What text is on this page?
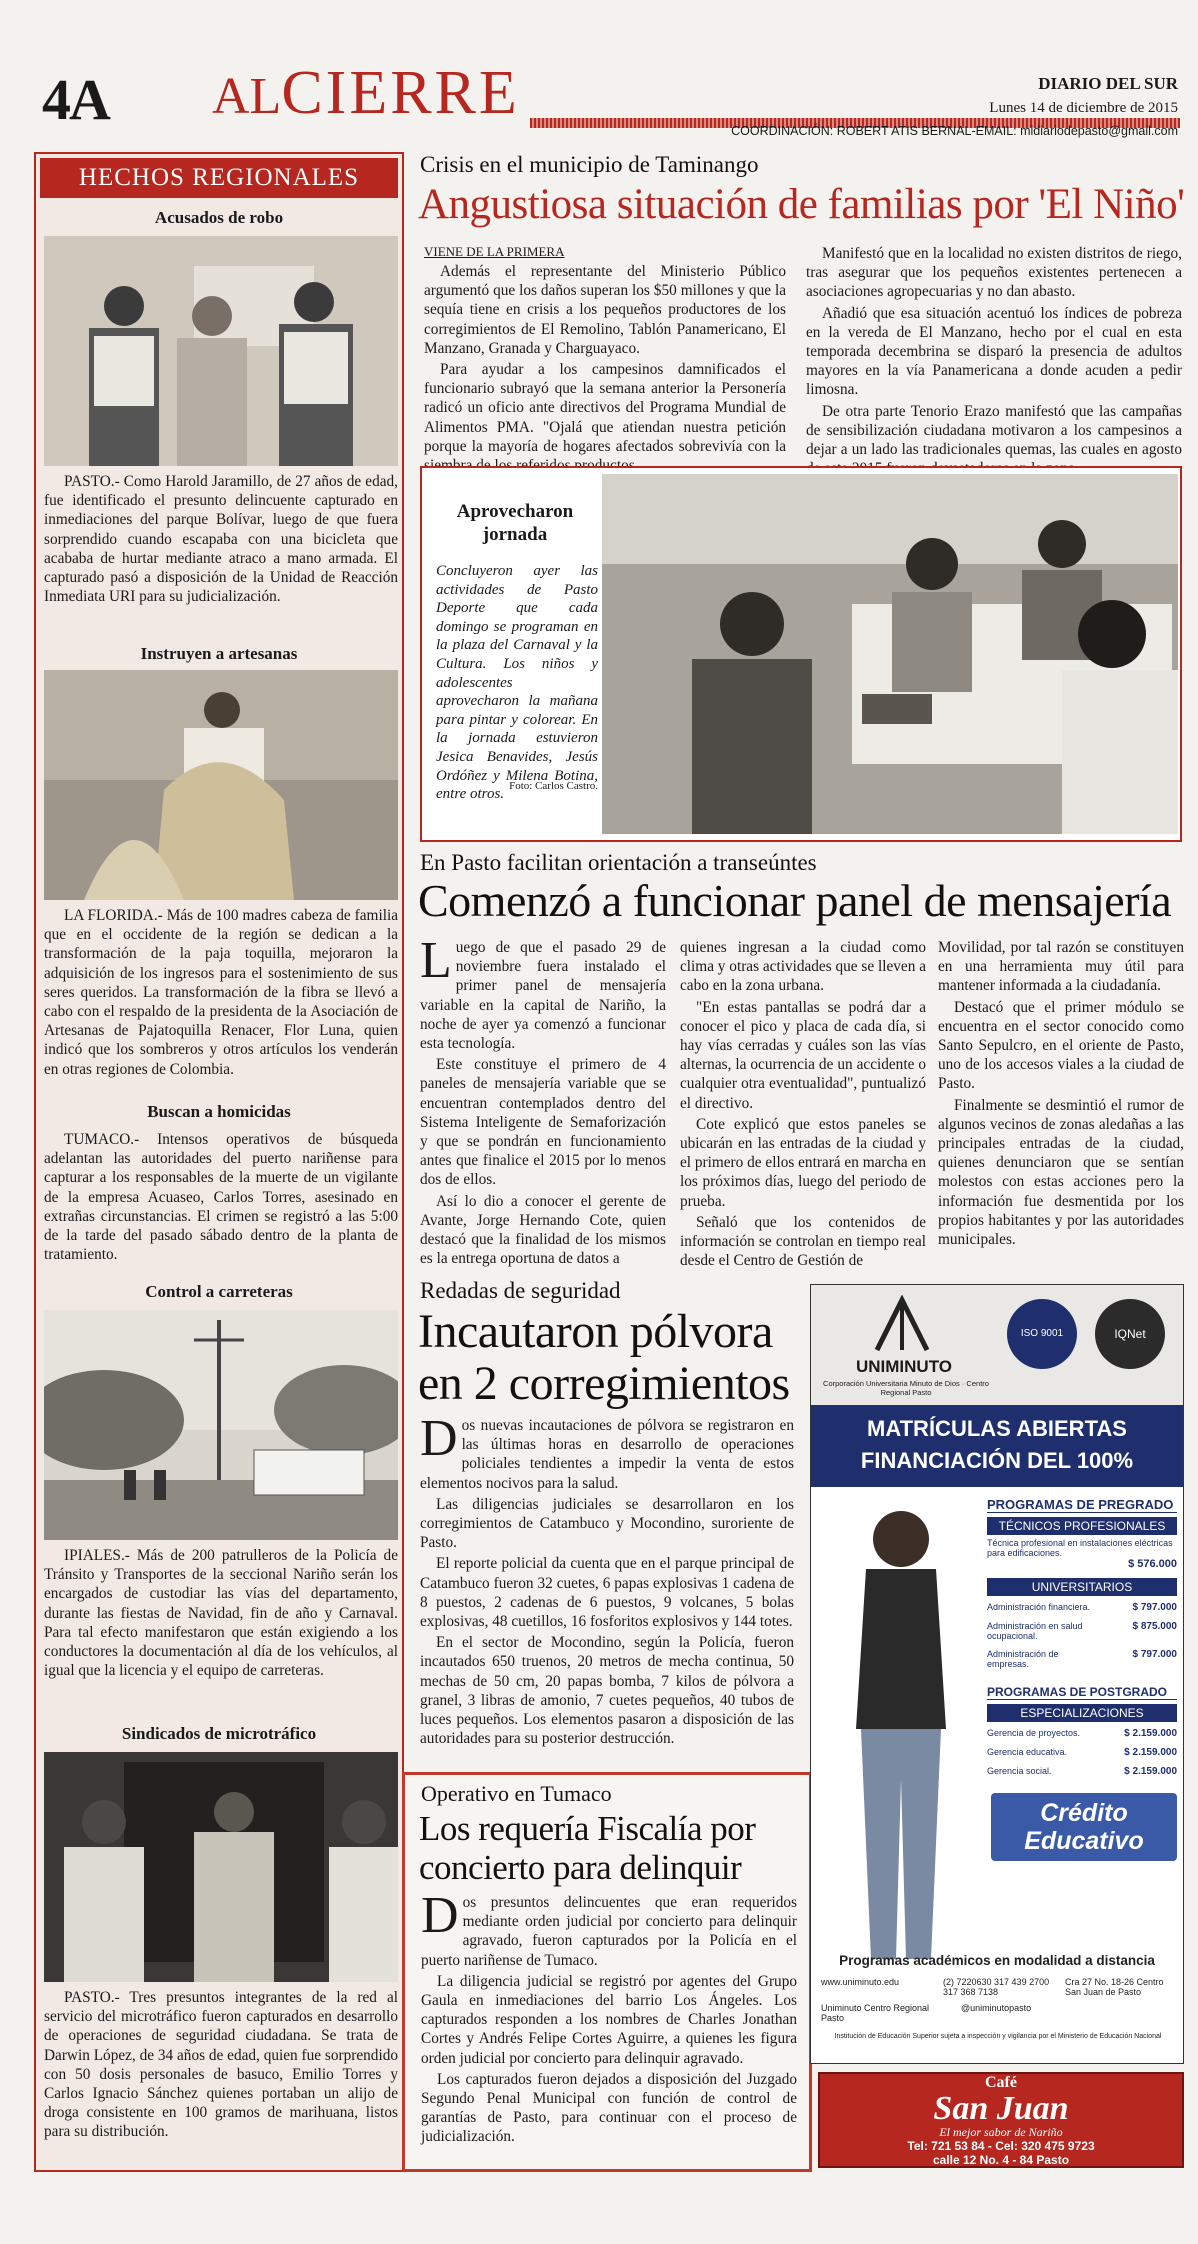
4A ALCIERRE	DIARIO DEL SUR
Lunes 14 de diciembre de 2015
COORDINACIÓN: ROBERT ATIS BERNAL-EMAIL: midiariodepasto@gmail.com
HECHOS REGIONALES
Acusados de robo

PASTO.- Como Harold Jaramillo, de 27 años de edad, fue identificado el presunto delincuente capturado en inmediaciones del parque Bolívar, luego de que fuera sorprendido cuando escapaba con una bicicleta que acababa de hurtar mediante atraco a mano armada. El capturado pasó a disposición de la Unidad de Reacción Inmediata URI para su judicialización.

Instruyen a artesanas

LA FLORIDA.- Más de 100 madres cabeza de familia que en el occidente de la región se dedican a la transformación de la paja toquilla, mejoraron la adquisición de los ingresos para el sostenimiento de sus seres queridos. La transformación de la fibra se llevó a cabo con el respaldo de la presidenta de la Asociación de Artesanas de Pajatoquilla Renacer, Flor Luna, quien indicó que los sombreros y otros artículos los venderán en otras regiones de Colombia.

Buscan a homicidas

TUMACO.- Intensos operativos de búsqueda adelantan las autoridades del puerto nariñense para capturar a los responsables de la muerte de un vigilante de la empresa Acuaseo, Carlos Torres, asesinado en extrañas circunstancias. El crimen se registró a las 5:00 de la tarde del pasado sábado dentro de la planta de tratamiento.

Control a carreteras

IPIALES.- Más de 200 patrulleros de la Policía de Tránsito y Transportes de la seccional Nariño serán los encargados de custodiar las vías del departamento, durante las fiestas de Navidad, fin de año y Carnaval. Para tal efecto manifestaron que están exigiendo a los conductores la documentación al día de los vehículos, al igual que la licencia y el equipo de carreteras.

Sindicados de microtráfico

PASTO.- Tres presuntos integrantes de la red al servicio del microtráfico fueron capturados en desarrollo de operaciones de seguridad ciudadana. Se trata de Darwin López, de 34 años de edad, quien fue sorprendido con 50 dosis personales de basuco, Emilio Torres y Carlos Ignacio Sánchez quienes portaban un alijo de droga consistente en 100 gramos de marihuana, listos para su distribución.

Crisis en el municipio de Taminango
Angustiosa situación de familias por 'El Niño'
VIENE DE LA PRIMERA

Además el representante del Ministerio Público argumentó que los daños superan los $50 millones y que la sequía tiene en crisis a los pequeños productores de los corregimientos de El Remolino, Tablón Panamericano, El Manzano, Granada y Charguayaco.

Para ayudar a los campesinos damnificados el funcionario subrayó que la semana anterior la Personería radicó un oficio ante directivos del Programa Mundial de Alimentos PMA. "Ojalá que atiendan nuestra petición porque la mayoría de hogares afectados sobrevivía con la

Manifestó que en la localidad no existen distritos de riego, tras asegurar que los pequeños existentes pertenecen a asociaciones agropecuarias y no dan abasto.

Añadió que esa situación acentuó los índices de pobreza en la vereda de El Manzano, hecho por el cual en esta temporada decembrina se disparó la presencia de adultos mayores en la vía Panamericana a donde acuden a pedir limosna.

De otra parte Tenorio Erazo manifestó que las campañas de sensibilización ciudadana motivaron a los campesinos a dejar a un lado las tradicionales quemas, las cuales en agosto

Aprovecharon jornada

Concluyeron ayer las actividades de Pasto Deporte que cada domingo se programan en la plaza del Carnaval y la Cultura. Los niños y adolescentes aprovecharon la mañana para pintar y colorear. En la jornada estuvieron Jesica Benavides, Jesús Ordóñez y Milena Botina, entre otros.

Foto: Carlos Castro.
En Pasto facilitan orientación a transeúntes
Comenzó a funcionar panel de mensajería

Luego de que el pasado 29 de noviembre fuera instalado el primer panel de mensajería variable en la capital de Nariño, la noche de ayer ya comenzó a funcionar esta tecnología.

Este constituye el primero de 4 paneles de mensajería variable que se encuentran contemplados dentro del Sistema Inteligente de Semaforización y que se pondrán en funcionamiento antes que finalice el 2015 por lo menos dos de ellos.

Así lo dio a conocer el gerente de Avante, Jorge Hernando Cote, quien destacó que la finalidad de los mismos es la entrega oportuna de datos a

quienes ingresan a la ciudad como clima y otras actividades que se lleven a cabo en la zona urbana.

"En estas pantallas se podrá dar a conocer el pico y placa de cada día, si hay vías cerradas y cuáles son las vías alternas, la ocurrencia de un accidente o cualquier otra eventualidad", puntualizó el directivo.

Cote explicó que estos paneles se ubicarán en las entradas de la ciudad y el primero de ellos entrará en marcha en los próximos días, luego del periodo de prueba.

Señaló que los contenidos de información se controlan en tiempo real desde el Centro de Gestión de

Movilidad, por tal razón se constituyen en una herramienta muy útil para mantener informada a la ciudadanía.

Destacó que el primer módulo se encuentra en el sector conocido como Santo Sepulcro, en el oriente de Pasto, uno de los accesos viales a la ciudad de Pasto.

Finalmente se desmintió el rumor de algunos vecinos de zonas aledañas a las principales entradas de la ciudad, quienes denunciaron que se sentían molestos con estas acciones pero la información fue desmentida por los propios habitantes y por las autoridades municipales.

Redadas de seguridad
Incautaron pólvora
en 2 corregimientos

Dos nuevas incautaciones de pólvora se registraron en las últimas horas en desarrollo de operaciones policiales tendientes a impedir la venta de estos elementos nocivos para la salud.

Las diligencias judiciales se desarrollaron en los corregimientos de Catambuco y Mocondino, suroriente de Pasto.

El reporte policial da cuenta que en el parque principal de Catambuco fueron 32 cuetes, 6 papas explosivas 1 cadena de 8 puestos, 2 cadenas de 6 puestos, 9 volcanes, 5 bolas explosivas, 48 cuetillos, 16 fosforitos explosivos y 144 totes.

En el sector de Mocondino, según la Policía, fueron incautados 650 truenos, 20 metros de mecha continua, 50 mechas de 50 cm, 20 papas bomba, 7 kilos de pólvora a granel, 3 libras de amonio, 7 cuetes pequeños, 40 tubos de luces pequeños. Los elementos pasaron a disposición de las autoridades para su posterior destrucción.

Operativo en Tumaco
Los requería Fiscalía por
concierto para delinquir

Dos presuntos delincuentes que eran requeridos mediante orden judicial por concierto para delinquir agravado, fueron capturados por la Policía en el puerto nariñense de Tumaco.

La diligencia judicial se registró por agentes del Grupo Gaula en inmediaciones del barrio Los Ángeles. Los capturados responden a los nombres de Charles Jonathan Cortes y Andrés Felipe Cortes Aguirre, a quienes les figura orden judicial por concierto para delinquir agravado.

Los capturados fueron dejados a disposición del Juzgado Segundo Penal Municipal con función de control de garantías de Pasto, para continuar con el proceso de judicialización.

UNIMINUTO
Corporación Universitaria Minuto de Dios · Centro Regional Pasto
ISO 9001	IQNet
MATRÍCULAS ABIERTAS
FINANCIACIÓN DEL 100%
PROGRAMAS DE PREGRADO
TÉCNICOS PROFESIONALES
Técnica profesional en instalaciones eléctricas para edificaciones.
$ 576.000
UNIVERSITARIOS
Administración financiera.	$ 797.000
Administración en salud ocupacional.
$ 875.000
Administración de empresas.
$ 797.000
PROGRAMAS DE POSTGRADO
ESPECIALIZACIONES
Gerencia de proyectos.	$ 2.159.000
Gerencia educativa.	$ 2.159.000
Gerencia social.	$ 2.159.000
Crédito
Educativo
Programas académicos en modalidad a distancia
www.uniminuto.edu	(2) 7220630 317 439 2700 317 368 7138
Cra 27 No. 18-26 Centro San Juan de Pasto
Uniminuto Centro Regional Pasto
@uniminutopasto
Institución de Educación Superior sujeta a inspección y vigilancia por el Ministerio de Educación Nacional
Café
San Juan
El mejor sabor de Nariño
Tel: 721 53 84 - Cel: 320 475 9723
calle 12 No. 4 - 84 Pasto
